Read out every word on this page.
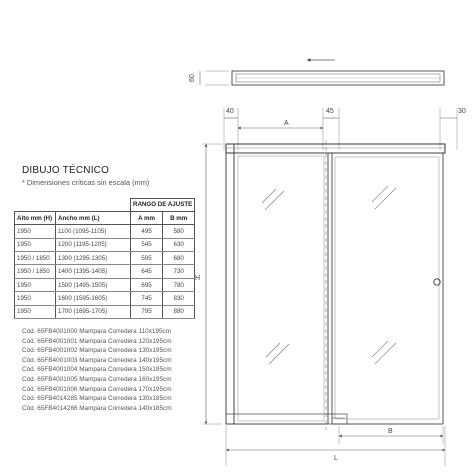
60
40
A
45	30
H
B
L
DIBUJO TÉCNICO
* Dimensiones críticas sin escala (mm)
		RANGO DE AJUSTE	
Alto mm (H)	Ancho mm (L)	A mm	B mm
1950	1100 (1095-1105)	495	580
1950	1200 (1195-1205)	545	630
1950 / 1850	1300 (1295-1305)	595	680
1950 / 1850	1400 (1395-1405)	645	730
1950	1500 (1495-1505)	695	780
1950	1600 (1595-1605)	745	830
1950	1700 (1695-1705)	795	880
Cód. 65FB4001000 Mampara Corredera 110x195cm
Cód. 65FB4001001 Mampara Corredera 120x195cm
Cód. 65FB4001002 Mampara Corredera 130x195cm
Cód. 65FB4001003 Mampara Corredera 140x195cm
Cód. 65FB4001004 Mampara Corredera 150x195cm
Cód. 65FB4001005 Mampara Corredera 160x195cm
Cód. 65FB4001006 Mampara Corredera 170x195cm
Cód. 65FB4014285 Mampara Corredera 130x185cm
Cód. 65FB4014286 Mampara Corredera 140x185cm
